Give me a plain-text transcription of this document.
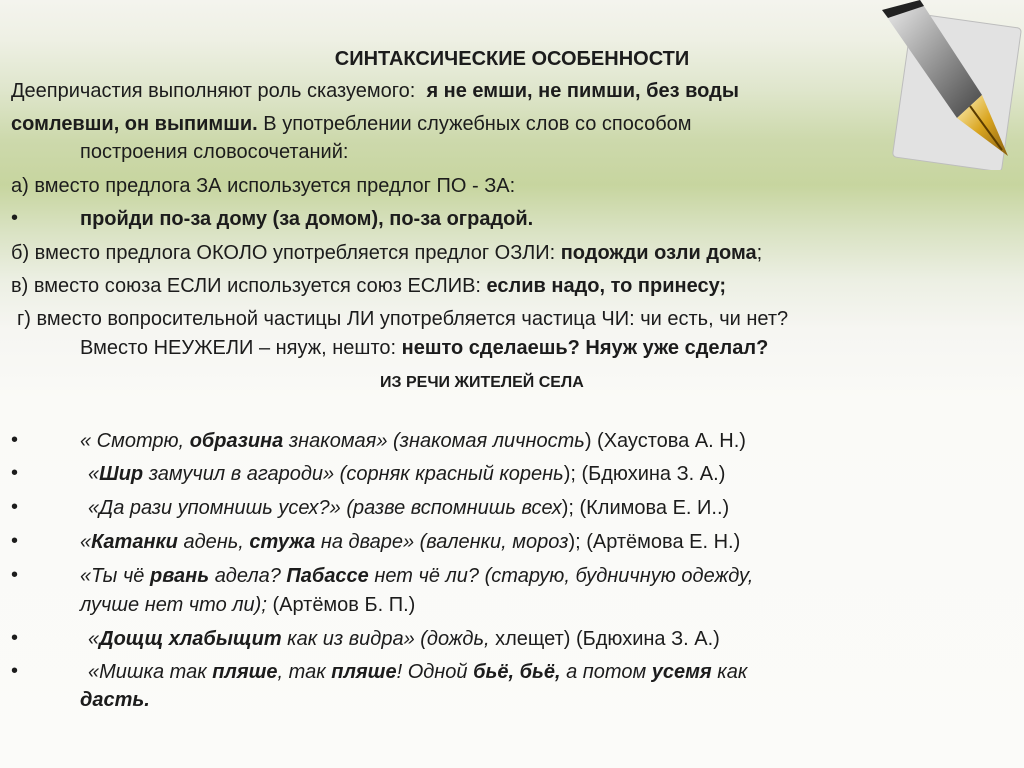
СИНТАКСИЧЕСКИЕ ОСОБЕННОСТИ
Деепричастия выполняют роль сказуемого: я не емши, не пимши, без воды
сомлевши, он выпимши. В употреблении служебных слов со способом
построения словосочетаний:
а) вместо предлога ЗА используется предлог ПО - ЗА:
•	пройди по-за дому (за домом), по-за оградой.
б) вместо предлога ОКОЛО употребляется предлог ОЗЛИ: подожди озли дома;
в) вместо союза ЕСЛИ используется союз ЕСЛИВ: еслив надо, то принесу;
г) вместо вопросительной частицы ЛИ употребляется частица ЧИ: чи есть, чи нет?
Вместо НЕУЖЕЛИ – няуж, нешто: нешто сделаешь? Няуж уже сделал?
ИЗ РЕЧИ ЖИТЕЛЕЙ СЕЛА
•	« Смотрю, образина знакомая» (знакомая личность) (Хаустова А. Н.)
•	«Шир замучил в агароди» (сорняк красный корень); (Бдюхина З. А.)
•	«Да рази упомнишь усех?» (разве вспомнишь всех); (Климова Е. И..)
•	«Катанки адень, стужа на дваре» (валенки, мороз); (Артёмова Е. Н.)
•	«Ты чё рвань адела? Пабассе нет чё ли? (старую, будничную одежду,
лучше нет что ли); (Артёмов Б. П.)
•	«Дощщ хлабыщит как из видра» (дождь, хлещет) (Бдюхина З. А.)
•	«Мишка так пляше, так пляше! Одной бьё, бьё, а потом усемя как
дасть.
